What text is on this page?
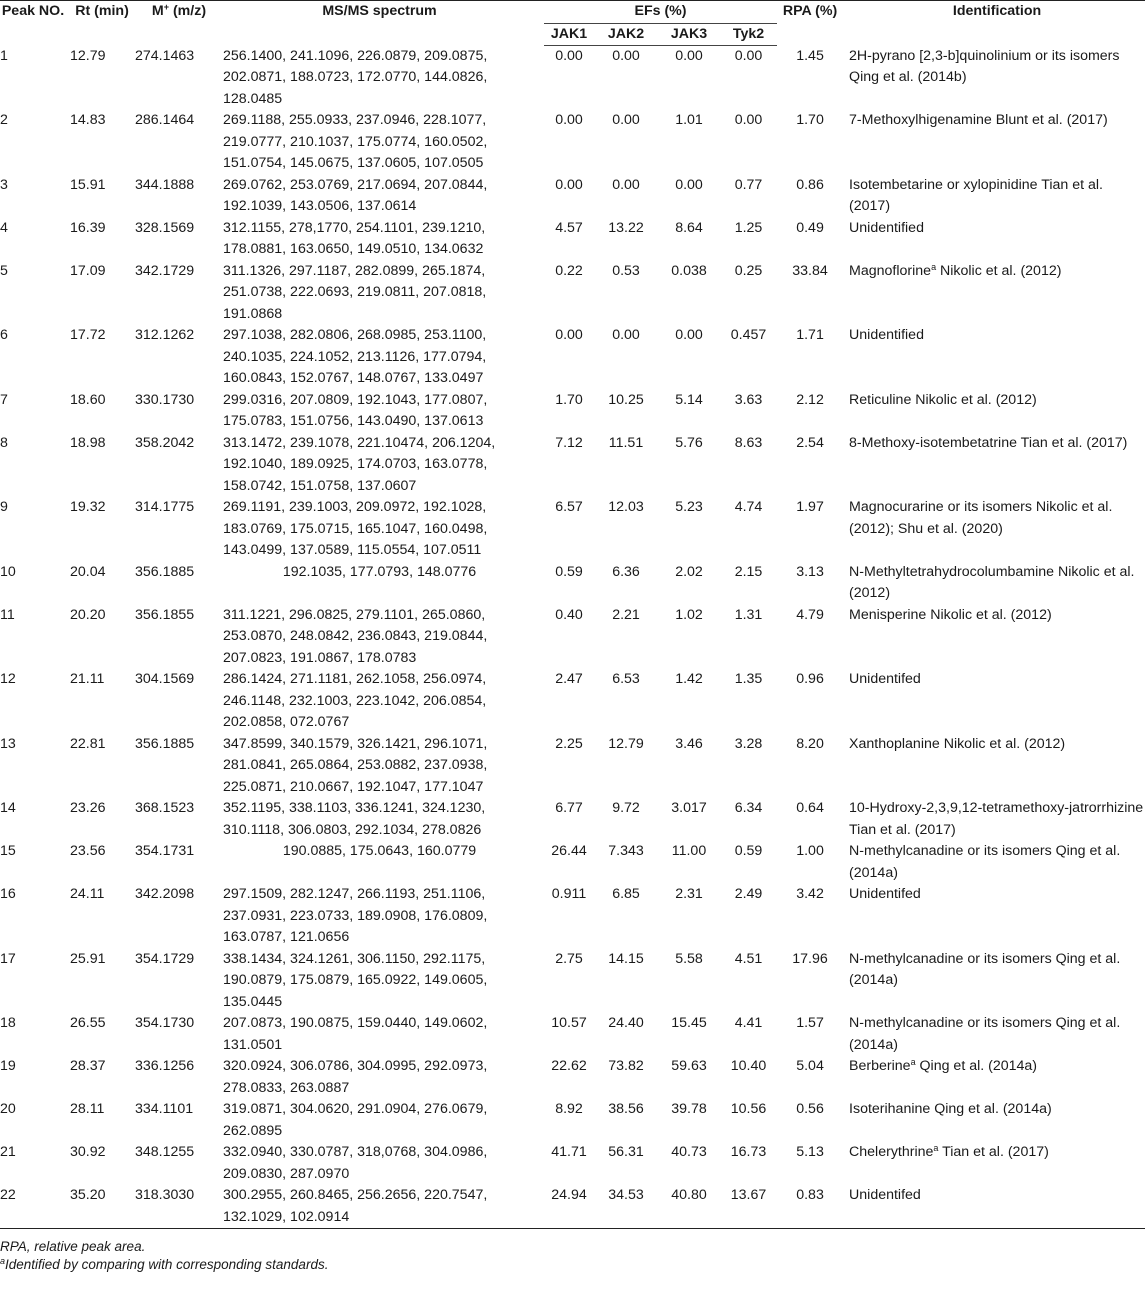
Peak NO.	Rt (min)	M+ (m/z)	MS/MS spectrum	EFs (%)				RPA (%)	Identification
				JAK1	JAK2	JAK3	Tyk2		
1	12.79	274.1463	256.1400, 241.1096, 226.0879, 209.0875, 202.0871, 188.0723, 172.0770, 144.0826, 128.0485	0.00	0.00	0.00	0.00	1.45	2H-pyrano [2,3-b]quinolinium or its isomers Qing et al. (2014b)
2	14.83	286.1464	269.1188, 255.0933, 237.0946, 228.1077, 219.0777, 210.1037, 175.0774, 160.0502, 151.0754, 145.0675, 137.0605, 107.0505	0.00	0.00	1.01	0.00	1.70	7-Methoxylhigenamine Blunt et al. (2017)
3	15.91	344.1888	269.0762, 253.0769, 217.0694, 207.0844, 192.1039, 143.0506, 137.0614	0.00	0.00	0.00	0.77	0.86	Isotembetarine or xylopinidine Tian et al. (2017)
4	16.39	328.1569	312.1155, 278,1770, 254.1101, 239.1210, 178.0881, 163.0650, 149.0510, 134.0632	4.57	13.22	8.64	1.25	0.49	Unidentified
5	17.09	342.1729	311.1326, 297.1187, 282.0899, 265.1874, 251.0738, 222.0693, 219.0811, 207.0818, 191.0868	0.22	0.53	0.038	0.25	33.84	Magnoflorine$^a$ Nikolic et al. (2012)
6	17.72	312.1262	297.1038, 282.0806, 268.0985, 253.1100, 240.1035, 224.1052, 213.1126, 177.0794, 160.0843, 152.0767, 148.0767, 133.0497	0.00	0.00	0.00	0.457	1.71	Unidentified
7	18.60	330.1730	299.0316, 207.0809, 192.1043, 177.0807, 175.0783, 151.0756, 143.0490, 137.0613	1.70	10.25	5.14	3.63	2.12	Reticuline Nikolic et al. (2012)
8	18.98	358.2042	313.1472, 239.1078, 221.10474, 206.1204, 192.1040, 189.0925, 174.0703, 163.0778, 158.0742, 151.0758, 137.0607	7.12	11.51	5.76	8.63	2.54	8-Methoxy-isotembetatrine Tian et al. (2017)
9	19.32	314.1775	269.1191, 239.1003, 209.0972, 192.1028, 183.0769, 175.0715, 165.1047, 160.0498, 143.0499, 137.0589, 115.0554, 107.0511	6.57	12.03	5.23	4.74	1.97	Magnocurarine or its isomers Nikolic et al. (2012); Shu et al. (2020)
10	20.04	356.1885	192.1035, 177.0793, 148.0776	0.59	6.36	2.02	2.15	3.13	N-Methyltetrahydrocolumbamine Nikolic et al. (2012)
11	20.20	356.1855	311.1221, 296.0825, 279.1101, 265.0860, 253.0870, 248.0842, 236.0843, 219.0844, 207.0823, 191.0867, 178.0783	0.40	2.21	1.02	1.31	4.79	Menisperine Nikolic et al. (2012)
12	21.11	304.1569	286.1424, 271.1181, 262.1058, 256.0974, 246.1148, 232.1003, 223.1042, 206.0854, 202.0858, 072.0767	2.47	6.53	1.42	1.35	0.96	Unidentifed
13	22.81	356.1885	347.8599, 340.1579, 326.1421, 296.1071, 281.0841, 265.0864, 253.0882, 237.0938, 225.0871, 210.0667, 192.1047, 177.1047	2.25	12.79	3.46	3.28	8.20	Xanthoplanine Nikolic et al. (2012)
14	23.26	368.1523	352.1195, 338.1103, 336.1241, 324.1230, 310.1118, 306.0803, 292.1034, 278.0826	6.77	9.72	3.017	6.34	0.64	10-Hydroxy-2,3,9,12-tetramethoxy-jatrorrhizine Tian et al. (2017)
15	23.56	354.1731	190.0885, 175.0643, 160.0779	26.44	7.343	11.00	0.59	1.00	N-methylcanadine or its isomers Qing et al. (2014a)
16	24.11	342.2098	297.1509, 282.1247, 266.1193, 251.1106, 237.0931, 223.0733, 189.0908, 176.0809, 163.0787, 121.0656	0.911	6.85	2.31	2.49	3.42	Unidentifed
17	25.91	354.1729	338.1434, 324.1261, 306.1150, 292.1175, 190.0879, 175.0879, 165.0922, 149.0605, 135.0445	2.75	14.15	5.58	4.51	17.96	N-methylcanadine or its isomers Qing et al. (2014a)
18	26.55	354.1730	207.0873, 190.0875, 159.0440, 149.0602, 131.0501	10.57	24.40	15.45	4.41	1.57	N-methylcanadine or its isomers Qing et al. (2014a)
19	28.37	336.1256	320.0924, 306.0786, 304.0995, 292.0973, 278.0833, 263.0887	22.62	73.82	59.63	10.40	5.04	Berberine$^a$ Qing et al. (2014a)
20	28.11	334.1101	319.0871, 304.0620, 291.0904, 276.0679, 262.0895	8.92	38.56	39.78	10.56	0.56	Isoterihanine Qing et al. (2014a)
21	30.92	348.1255	332.0940, 330.0787, 318,0768, 304.0986, 209.0830, 287.0970	41.71	56.31	40.73	16.73	5.13	Chelerythrine$^a$ Tian et al. (2017)
22	35.20	318.3030	300.2955, 260.8465, 256.2656, 220.7547, 132.1029, 102.0914	24.94	34.53	40.80	13.67	0.83	Unidentifed
RPA, relative peak area.
$^a$Identified by comparing with corresponding standards.
